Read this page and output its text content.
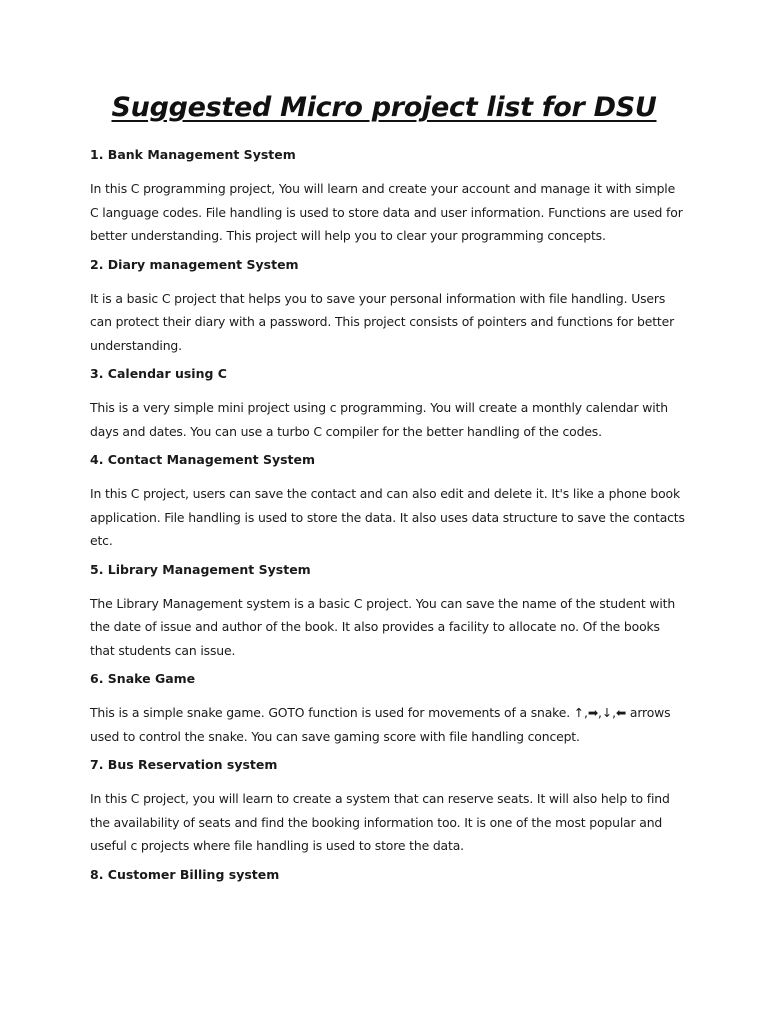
Suggested Micro project list for DSU

1. Bank Management System

In this C programming project, You will learn and create your account and manage it with simple C language codes. File handling is used to store data and user information. Functions are used for better understanding. This project will help you to clear your programming concepts.

2. Diary management System

It is a basic C project that helps you to save your personal information with file handling. Users can protect their diary with a password. This project consists of pointers and functions for better understanding.

3. Calendar using C

This is a very simple mini project using c programming. You will create a monthly calendar with days and dates. You can use a turbo C compiler for the better handling of the codes.

4. Contact Management System

In this C project, users can save the contact and can also edit and delete it. It's like a phone book application. File handling is used to store the data. It also uses data structure to save the contacts etc.

5. Library Management System

The Library Management system is a basic C project. You can save the name of the student with the date of issue and author of the book. It also provides a facility to allocate no. Of the books that students can issue.

6. Snake Game

This is a simple snake game. GOTO function is used for movements of a snake. ↑,➡,↓,⬅ arrows used to control the snake. You can save gaming score with file handling concept.

7. Bus Reservation system

In this C project, you will learn to create a system that can reserve seats. It will also help to find the availability of seats and find the booking information too. It is one of the most popular and useful c projects where file handling is used to store the data.

8. Customer Billing system
